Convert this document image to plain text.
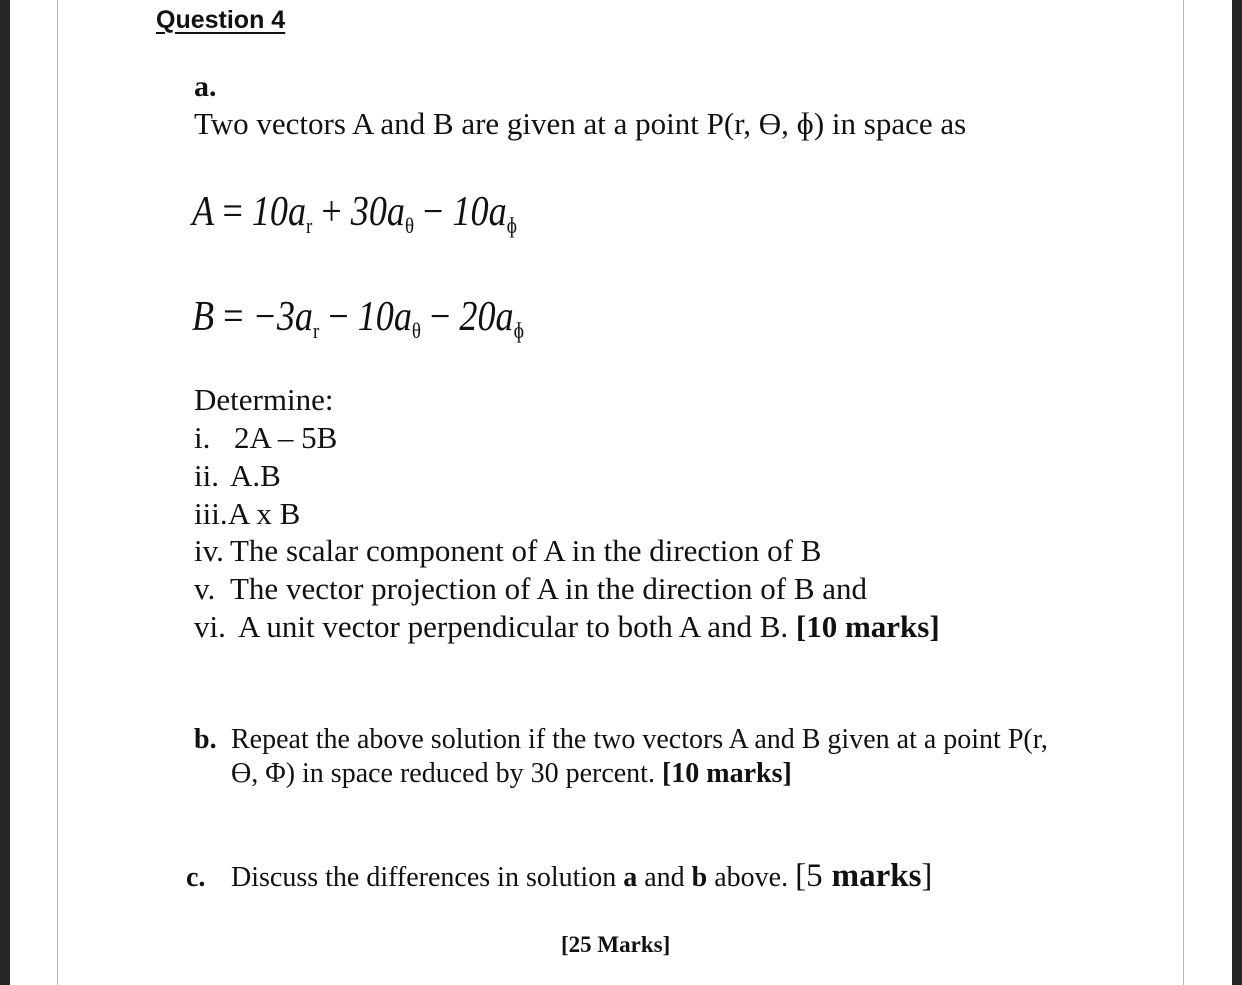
Question 4
a.
Two vectors A and B are given at a point P(r, ϴ, ɸ) in space as
$A = 10a_r + 30a_\theta - 10a_ɸ$
$B = -3a_r - 10a_\theta - 20a_ɸ$
Determine:
i. 2A – 5B
ii. A.B
iii.A x B
iv. The scalar component of A in the direction of B
v. The vector projection of A in the direction of B and
vi. A unit vector perpendicular to both A and B. [10 marks]
b. Repeat the above solution if the two vectors A and B given at a point P(r,
ϴ, Φ) in space reduced by 30 percent. [10 marks]
c. Discuss the differences in solution a and b above. [5 marks]
[25 Marks]
